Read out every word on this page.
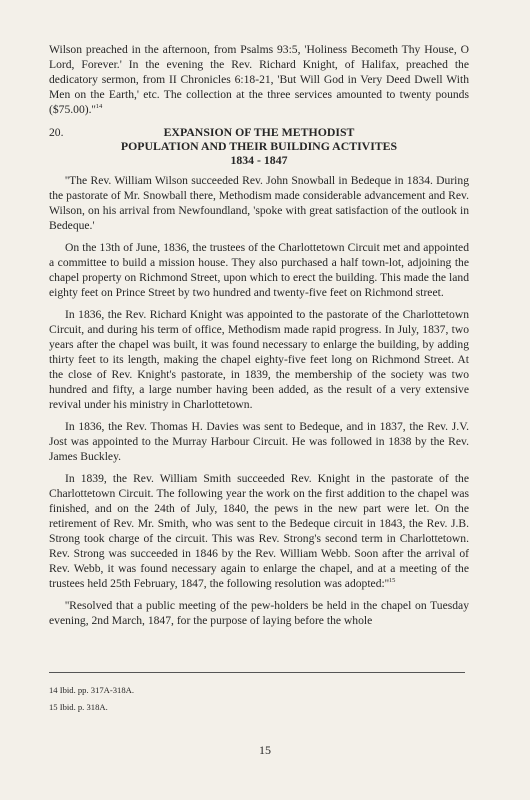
Wilson preached in the afternoon, from Psalms 93:5, 'Holiness Becometh Thy House, O Lord, Forever.' In the evening the Rev. Richard Knight, of Halifax, preached the dedicatory sermon, from II Chronicles 6:18-21, 'But Will God in Very Deed Dwell With Men on the Earth,' etc. The collection at the three services amounted to twenty pounds $(\$75.00).''^{14}$

20.	EXPANSION OF THE METHODIST
POPULATION AND THEIR BUILDING ACTIVITES
1834 - 1847

''The Rev. William Wilson succeeded Rev. John Snowball in Bedeque in 1834. During the pastorate of Mr. Snowball there, Methodism made considerable advancement and Rev. Wilson, on his arrival from Newfoundland, 'spoke with great satisfaction of the outlook in Bedeque.'

On the 13th of June, 1836, the trustees of the Charlottetown Circuit met and appointed a committee to build a mission house. They also purchased a half town-lot, adjoining the chapel property on Richmond Street, upon which to erect the building. This made the land eighty feet on Prince Street by two hundred and twenty-five feet on Richmond street.

In 1836, the Rev. Richard Knight was appointed to the pastorate of the Charlottetown Circuit, and during his term of office, Methodism made rapid progress. In July, 1837, two years after the chapel was built, it was found necessary to enlarge the building, by adding thirty feet to its length, making the chapel eighty-five feet long on Richmond Street. At the close of Rev. Knight's pastorate, in 1839, the membership of the society was two hundred and fifty, a large number having been added, as the result of a very extensive revival under his ministry in Charlottetown.

In 1836, the Rev. Thomas H. Davies was sent to Bedeque, and in 1837, the Rev. J.V. Jost was appointed to the Murray Harbour Circuit. He was followed in 1838 by the Rev. James Buckley.

In 1839, the Rev. William Smith succeeded Rev. Knight in the pastorate of the Charlottetown Circuit. The following year the work on the first addition to the chapel was finished, and on the 24th of July, 1840, the pews in the new part were let. On the retirement of Rev. Mr. Smith, who was sent to the Bedeque circuit in 1843, the Rev. J.B. Strong took charge of the circuit. This was Rev. Strong's second term in Charlottetown. Rev. Strong was succeeded in 1846 by the Rev. William Webb. Soon after the arrival of Rev. Webb, it was found necessary again to enlarge the chapel, and at a meeting of the trustees held 25th February, 1847, the following resolution was $adopted:''^{15}$

''Resolved that a public meeting of the pew-holders be held in the chapel on Tuesday evening, 2nd March, 1847, for the purpose of laying before the whole

14 Ibid. pp. 317A-318A.
15 Ibid. p. 318A.
15
